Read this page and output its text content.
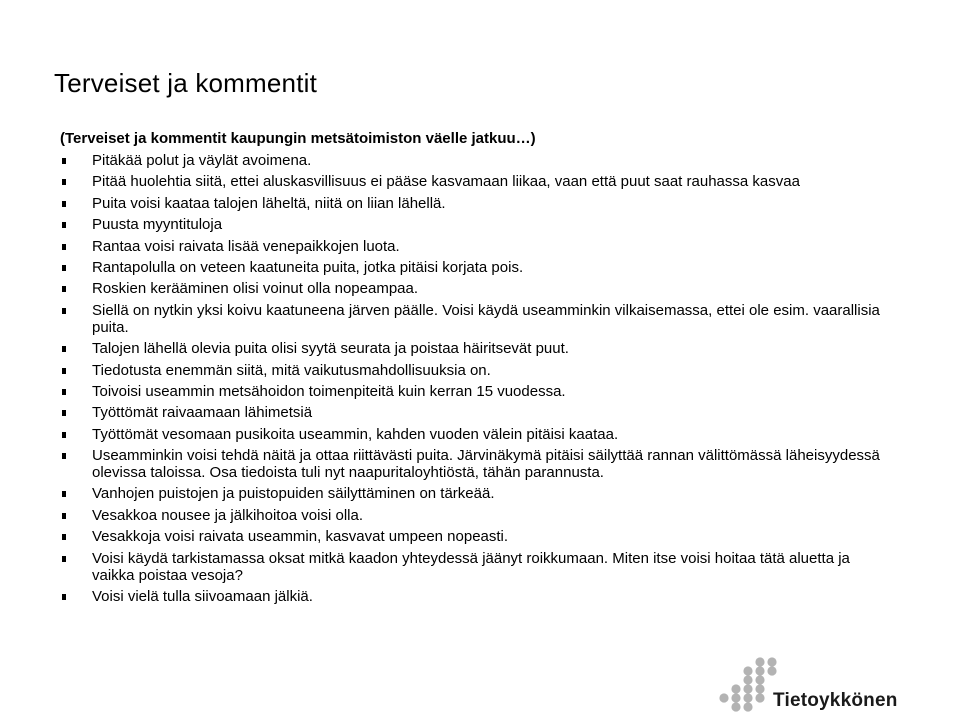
Terveiset ja kommentit
(Terveiset ja kommentit kaupungin metsätoimiston väelle jatkuu…)
Pitäkää polut ja väylät avoimena.
Pitää huolehtia siitä, ettei aluskasvillisuus ei pääse kasvamaan liikaa, vaan että puut saat rauhassa kasvaa
Puita voisi kaataa talojen läheltä, niitä on liian lähellä.
Puusta myyntituloja
Rantaa voisi raivata lisää venepaikkojen luota.
Rantapolulla on veteen kaatuneita puita, jotka pitäisi korjata pois.
Roskien kerääminen olisi voinut olla nopeampaa.
Siellä on nytkin yksi koivu kaatuneena järven päälle. Voisi käydä useamminkin vilkaisemassa, ettei ole esim. vaarallisia puita.
Talojen lähellä olevia puita olisi syytä seurata ja poistaa häiritsevät puut.
Tiedotusta enemmän siitä, mitä vaikutusmahdollisuuksia on.
Toivoisi useammin metsähoidon toimenpiteitä kuin kerran 15 vuodessa.
Työttömät raivaamaan lähimetsiä
Työttömät vesomaan pusikoita useammin, kahden vuoden välein pitäisi kaataa.
Useamminkin voisi tehdä näitä ja ottaa riittävästi puita. Järvinäkymä pitäisi säilyttää rannan välittömässä läheisyydessä olevissa taloissa. Osa tiedoista tuli nyt naapuritaloyhtiöstä, tähän parannusta.
Vanhojen puistojen ja puistopuiden säilyttäminen on tärkeää.
Vesakkoa nousee ja jälkihoitoa voisi olla.
Vesakkoja voisi raivata useammin, kasvavat umpeen nopeasti.
Voisi käydä tarkistamassa oksat mitkä kaadon yhteydessä jäänyt roikkumaan. Miten itse voisi hoitaa tätä aluetta ja vaikka poistaa vesoja?
Voisi vielä tulla siivoamaan jälkiä.
Tietoykkönen
